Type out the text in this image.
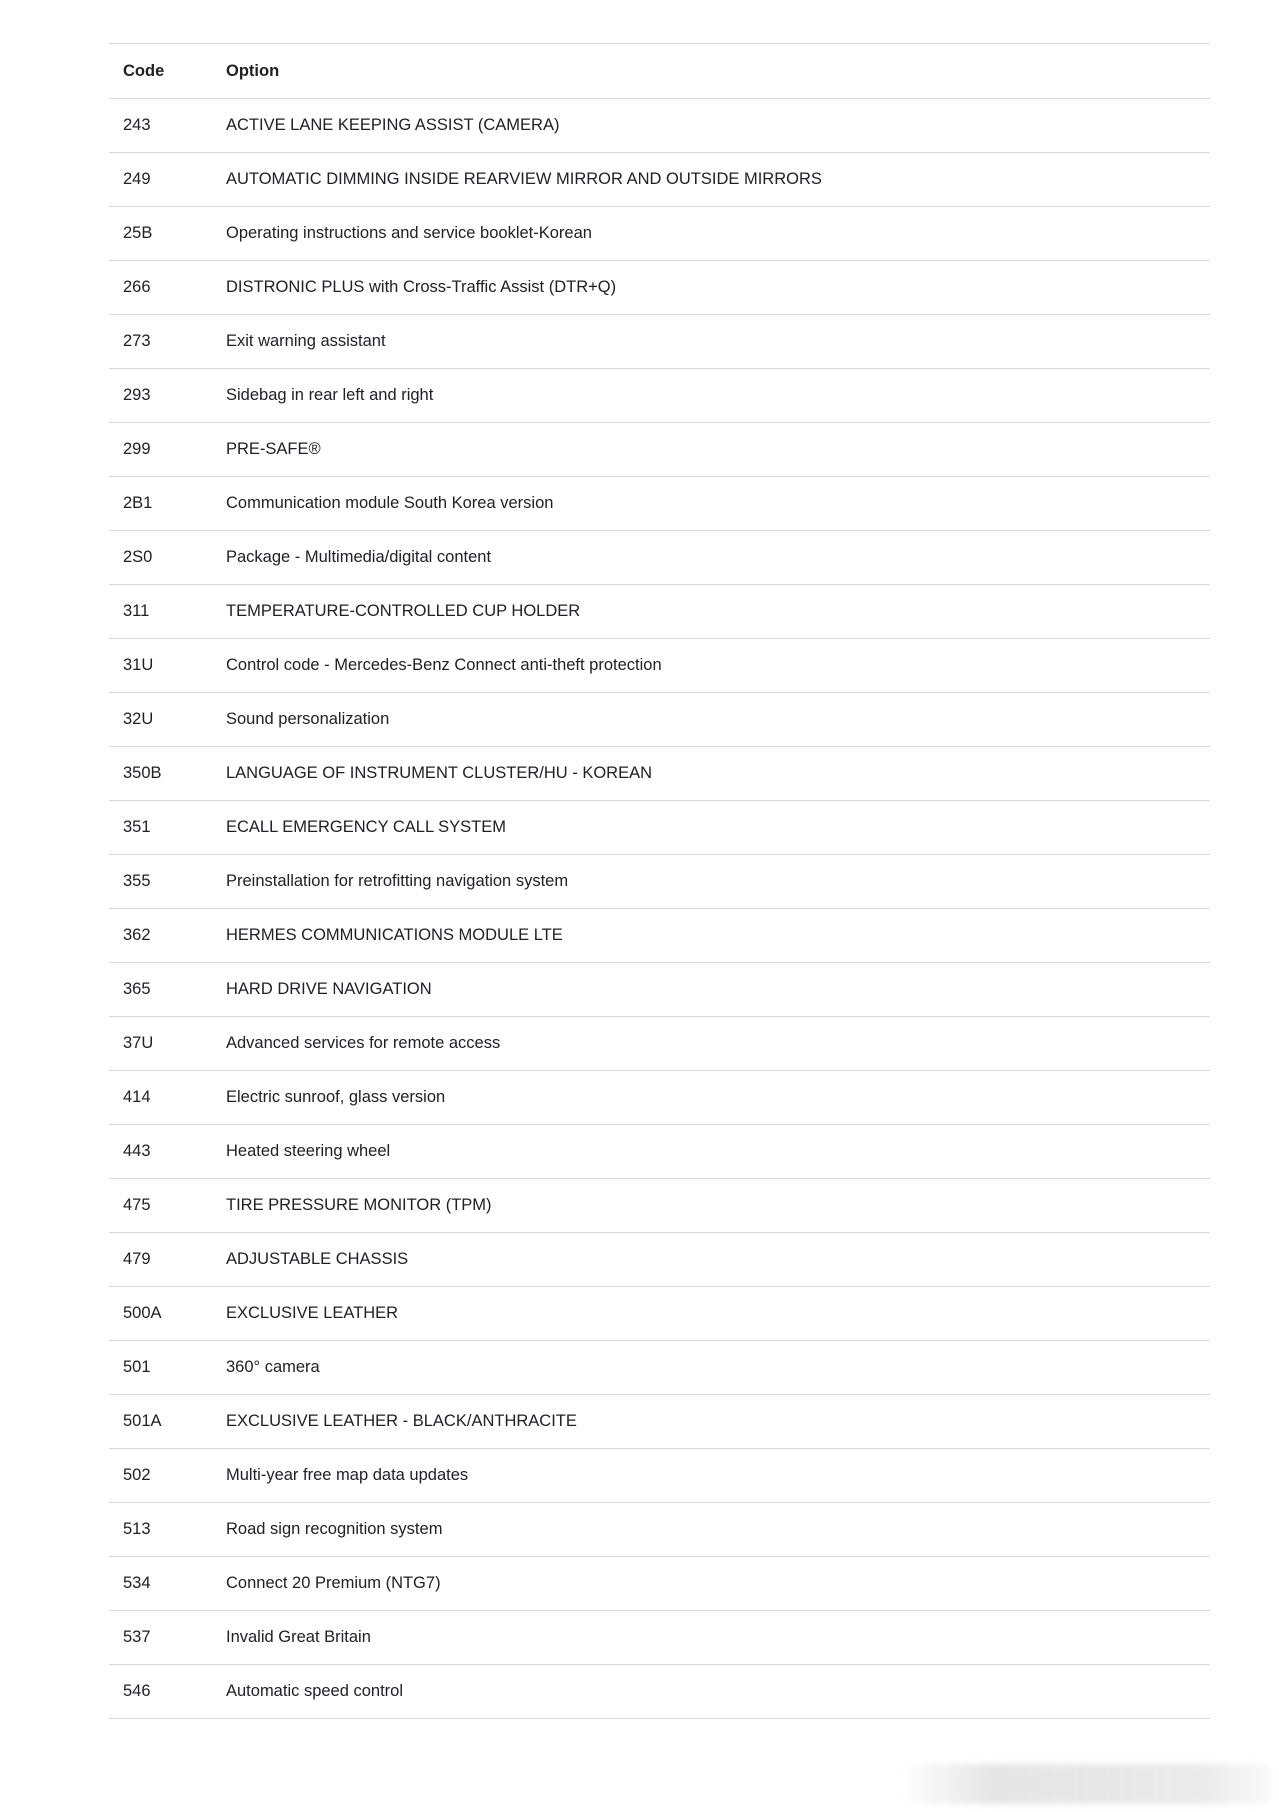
Code	Option
243	ACTIVE LANE KEEPING ASSIST (CAMERA)
249	AUTOMATIC DIMMING INSIDE REARVIEW MIRROR AND OUTSIDE MIRRORS
25B	Operating instructions and service booklet-Korean
266	DISTRONIC PLUS with Cross-Traffic Assist (DTR+Q)
273	Exit warning assistant
293	Sidebag in rear left and right
299	PRE-SAFE®
2B1	Communication module South Korea version
2S0	Package - Multimedia/digital content
311	TEMPERATURE-CONTROLLED CUP HOLDER
31U	Control code - Mercedes-Benz Connect anti-theft protection
32U	Sound personalization
350B	LANGUAGE OF INSTRUMENT CLUSTER/HU - KOREAN
351	ECALL EMERGENCY CALL SYSTEM
355	Preinstallation for retrofitting navigation system
362	HERMES COMMUNICATIONS MODULE LTE
365	HARD DRIVE NAVIGATION
37U	Advanced services for remote access
414	Electric sunroof, glass version
443	Heated steering wheel
475	TIRE PRESSURE MONITOR (TPM)
479	ADJUSTABLE CHASSIS
500A	EXCLUSIVE LEATHER
501	360° camera
501A	EXCLUSIVE LEATHER - BLACK/ANTHRACITE
502	Multi-year free map data updates
513	Road sign recognition system
534	Connect 20 Premium (NTG7)
537	Invalid Great Britain
546	Automatic speed control
